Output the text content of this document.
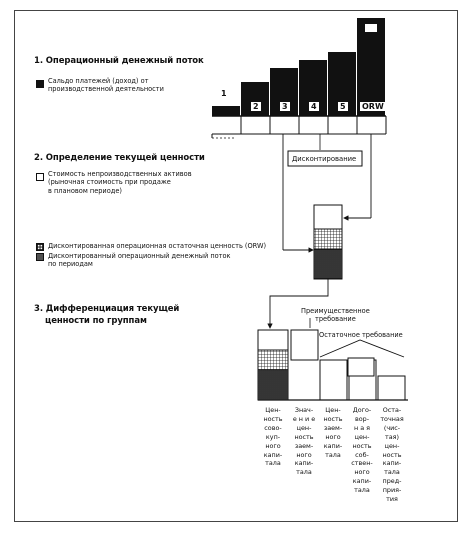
1. Операционный денежный поток
Сальдо платежей (доход) от
производственной деятельности
2. Определение текущей ценности
Стоимость непроизводственных активов
(рыночная стоимость при продаже
в плановом периоде)
Дисконтированная операционная остаточная ценность (ORW)
Дисконтированный операционный денежный поток
по периодам
3. Дифференциация текущей
ценности по группам
1
2	3	4	5 ORW
Дисконтирование
Преимущественное
требование
Остаточное требование
Цен-
ность
сово-
куп-
ного
капи-
тала
Знач-
е н и е
цен-
ность
заем-
ного
капи-
тала
Цен-
ность
заем-
ного
капи-
тала
Дого-
вор-
н а я
цен-
ность
соб-
ствен-
ного
капи-
тала
Оста-
точная
(чис-
тая)
цен-
ность
капи-
тала
пред-
прия-
тия
